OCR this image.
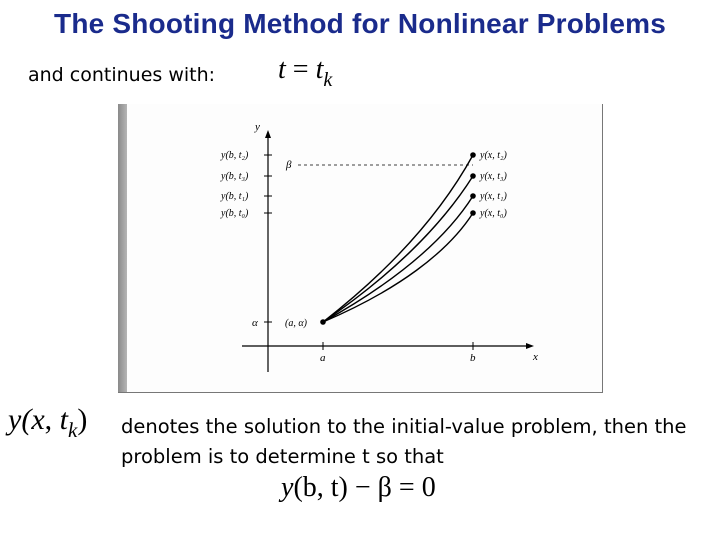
The Shooting Method for Nonlinear Problems
and continues with: $t = t_k$
y
x
y(b, t₂)
y(b, t₃)
y(b, t₁)
y(b, t₀)
α
β
a	b
(a, α)
y(x, t₂)
y(x, t₃)
y(x, t₁)
y(x, t₀)
y(x, $t_k$) denotes the solution to the initial-value problem, then the problem is to determine t so that
y(b, t) − β = 0
